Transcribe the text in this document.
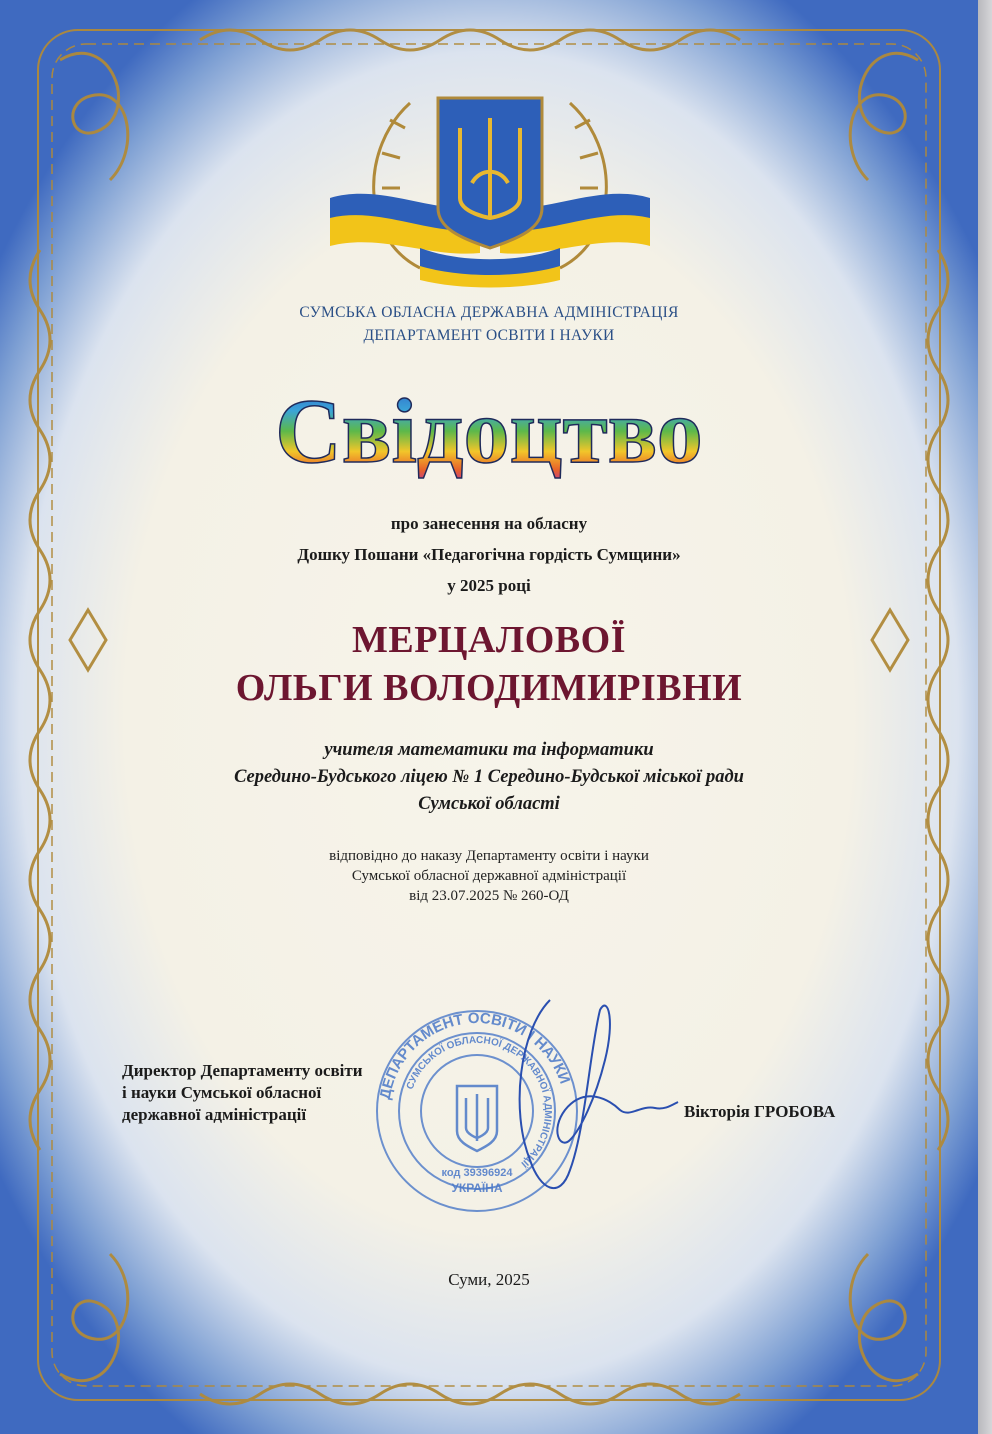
СУМСЬКА ОБЛАСНА ДЕРЖАВНА АДМІНІСТРАЦІЯ
ДЕПАРТАМЕНТ ОСВІТИ І НАУКИ
Свідоцтво
про занесення на обласну
Дошку Пошани «Педагогічна гордість Сумщини»
у 2025 році
МЕРЦАЛОВОЇ
ОЛЬГИ ВОЛОДИМИРІВНИ
учителя математики та інформатики
Середино-Будського ліцею № 1 Середино-Будської міської ради
Сумської області
відповідно до наказу Департаменту освіти і науки
Сумської обласної державної адміністрації
від 23.07.2025 № 260-ОД
ДЕПАРТАМЕНТ ОСВІТИ І НАУКИ
СУМСЬКОЇ ОБЛАСНОЇ ДЕРЖАВНОЇ АДМІНІСТРАЦІЇ
код 39396924
УКРАЇНА
Директор Департаменту освіти
і науки Сумської обласної
державної адміністрації	Вікторія ГРОБОВА
Суми, 2025
